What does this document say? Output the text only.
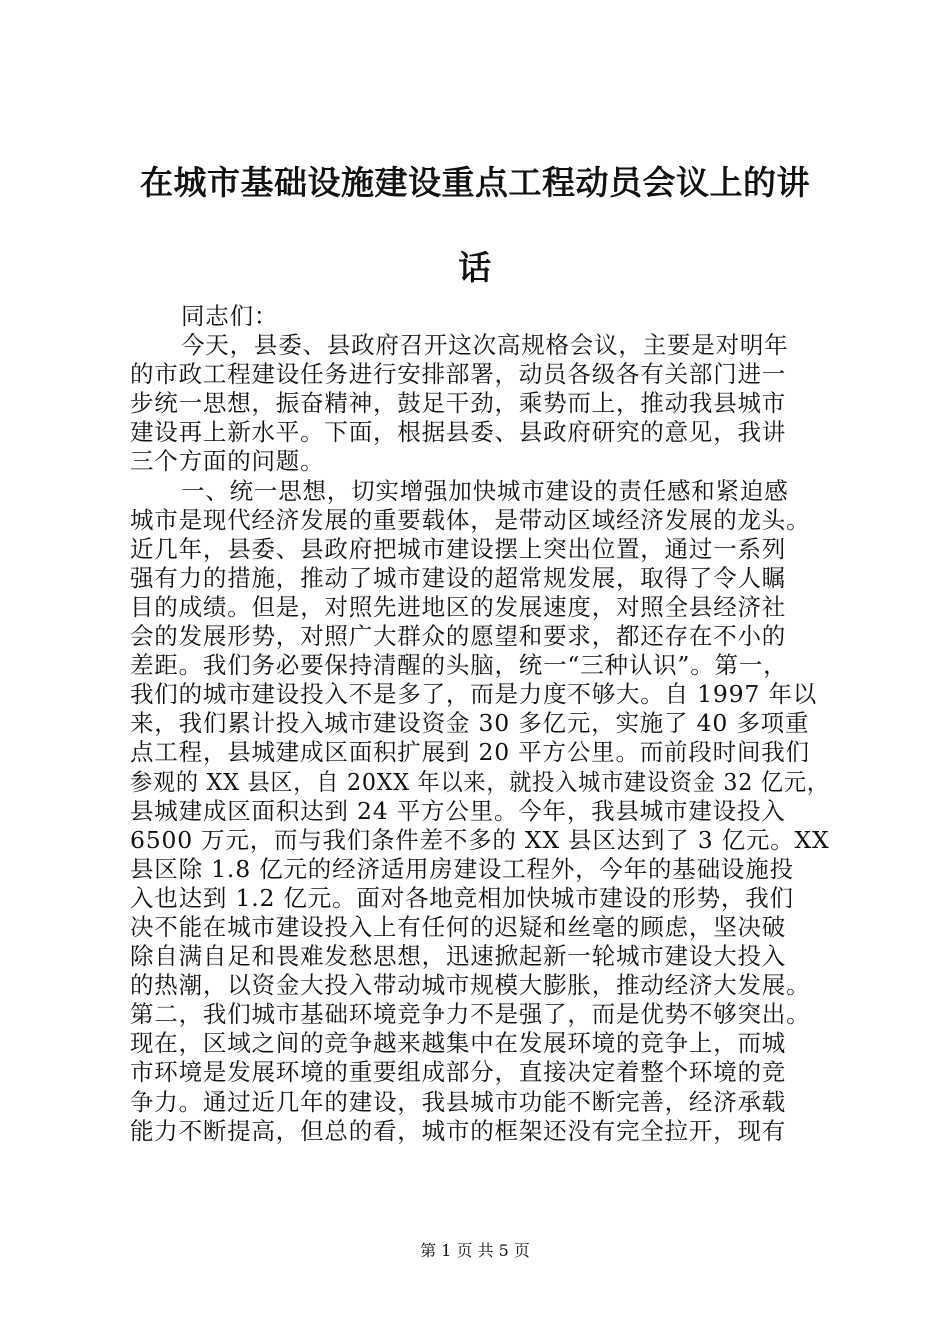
在城市基础设施建设重点工程动员会议上的讲
话
同志们：
今天，县委、县政府召开这次高规格会议，主要是对明年
的市政工程建设任务进行安排部署，动员各级各有关部门进一
步统一思想，振奋精神，鼓足干劲，乘势而上，推动我县城市
建设再上新水平。下面，根据县委、县政府研究的意见，我讲
三个方面的问题。
一、统一思想，切实增强加快城市建设的责任感和紧迫感
城市是现代经济发展的重要载体，是带动区域经济发展的龙头。
近几年，县委、县政府把城市建设摆上突出位置，通过一系列
强有力的措施，推动了城市建设的超常规发展，取得了令人瞩
目的成绩。但是，对照先进地区的发展速度，对照全县经济社
会的发展形势，对照广大群众的愿望和要求，都还存在不小的
差距。我们务必要保持清醒的头脑，统一“三种认识”。第一，
我们的城市建设投入不是多了，而是力度不够大。自 1997 年以
来，我们累计投入城市建设资金 30 多亿元，实施了 40 多项重
点工程，县城建成区面积扩展到 20 平方公里。而前段时间我们
参观的 XX 县区，自 20XX 年以来，就投入城市建设资金 32 亿元，
县城建成区面积达到 24 平方公里。今年，我县城市建设投入
6500 万元，而与我们条件差不多的 XX 县区达到了 3 亿元。XX
县区除 1.8 亿元的经济适用房建设工程外，今年的基础设施投
入也达到 1.2 亿元。面对各地竞相加快城市建设的形势，我们
决不能在城市建设投入上有任何的迟疑和丝毫的顾虑，坚决破
除自满自足和畏难发愁思想，迅速掀起新一轮城市建设大投入
的热潮，以资金大投入带动城市规模大膨胀，推动经济大发展。
第二，我们城市基础环境竞争力不是强了，而是优势不够突出。
现在，区域之间的竞争越来越集中在发展环境的竞争上，而城
市环境是发展环境的重要组成部分，直接决定着整个环境的竞
争力。通过近几年的建设，我县城市功能不断完善，经济承载
能力不断提高，但总的看，城市的框架还没有完全拉开，现有
第 1 页 共 5 页
